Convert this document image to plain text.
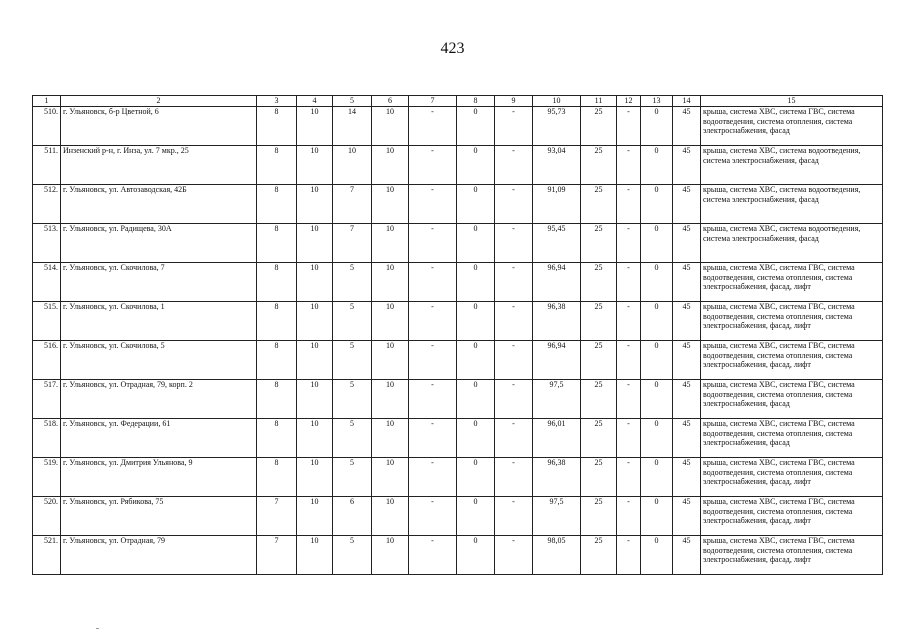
423
1	2	3	4	5	6	7	8	9	10	11	12	13	14	15
510.	г. Ульяновск, б-р Цветной, 6	8	10	14	10	-	0	-	95,73	25	-	0	45	крыша, система ХВС, система ГВС, система водоотведения, система отопления, система электроснабжения, фасад
511.	Инзенский р-н, г. Инза, ул. 7 мкр., 25	8	10	10	10	-	0	-	93,04	25	-	0	45	крыша, система ХВС, система водоотведения, система электроснабжения, фасад
512.	г. Ульяновск, ул. Автозаводская, 42Б	8	10	7	10	-	0	-	91,09	25	-	0	45	крыша, система ХВС, система водоотведения, система электроснабжения, фасад
513.	г. Ульяновск, ул. Радищева, 30А	8	10	7	10	-	0	-	95,45	25	-	0	45	крыша, система ХВС, система водоотведения, система электроснабжения, фасад
514.	г. Ульяновск, ул. Скочилова, 7	8	10	5	10	-	0	-	96,94	25	-	0	45	крыша, система ХВС, система ГВС, система водоотведения, система отопления, система электроснабжения, фасад, лифт
515.	г. Ульяновск, ул. Скочилова, 1	8	10	5	10	-	0	-	96,38	25	-	0	45	крыша, система ХВС, система ГВС, система водоотведения, система отопления, система электроснабжения, фасад, лифт
516.	г. Ульяновск, ул. Скочилова, 5	8	10	5	10	-	0	-	96,94	25	-	0	45	крыша, система ХВС, система ГВС, система водоотведения, система отопления, система электроснабжения, фасад, лифт
517.	г. Ульяновск, ул. Отрадная, 79, корп. 2	8	10	5	10	-	0	-	97,5	25	-	0	45	крыша, система ХВС, система ГВС, система водоотведения, система отопления, система электроснабжения, фасад
518.	г. Ульяновск, ул. Федерации, 61	8	10	5	10	-	0	-	96,01	25	-	0	45	крыша, система ХВС, система ГВС, система водоотведения, система отопления, система электроснабжения, фасад
519.	г. Ульяновск, ул. Дмитрия Ульянова, 9	8	10	5	10	-	0	-	96,38	25	-	0	45	крыша, система ХВС, система ГВС, система водоотведения, система отопления, система электроснабжения, фасад, лифт
520.	г. Ульяновск, ул. Рябикова, 75	7	10	6	10	-	0	-	97,5	25	-	0	45	крыша, система ХВС, система ГВС, система водоотведения, система отопления, система электроснабжения, фасад, лифт
521.	г. Ульяновск, ул. Отрадная, 79	7	10	5	10	-	0	-	98,05	25	-	0	45	крыша, система ХВС, система ГВС, система водоотведения, система отопления, система электроснабжения, фасад, лифт
